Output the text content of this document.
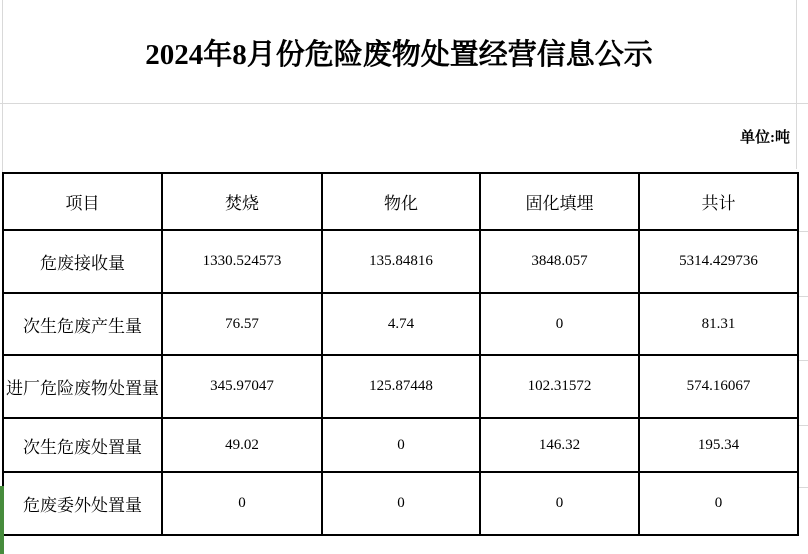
2024年8月份危险废物处置经营信息公示
单位:吨
项目	焚烧	物化	固化填埋	共计
危废接收量	1330.524573	135.84816	3848.057	5314.429736
次生危废产生量	76.57	4.74	0	81.31
进厂危险废物处置量	345.97047	125.87448	102.31572	574.16067
次生危废处置量	49.02	0	146.32	195.34
危废委外处置量	0	0	0	0
